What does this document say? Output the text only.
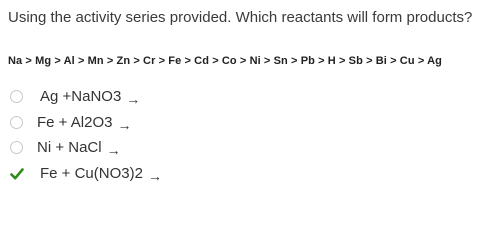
Using the activity series provided. Which reactants will form products?
Na > Mg > Al > Mn > Zn > Cr > Fe > Cd > Co > Ni > Sn > Pb > H > Sb > Bi > Cu > Ag
Ag +NaNO3 →
Fe + Al2O3 →
Ni + NaCl →
Fe + Cu(NO3)2 →
